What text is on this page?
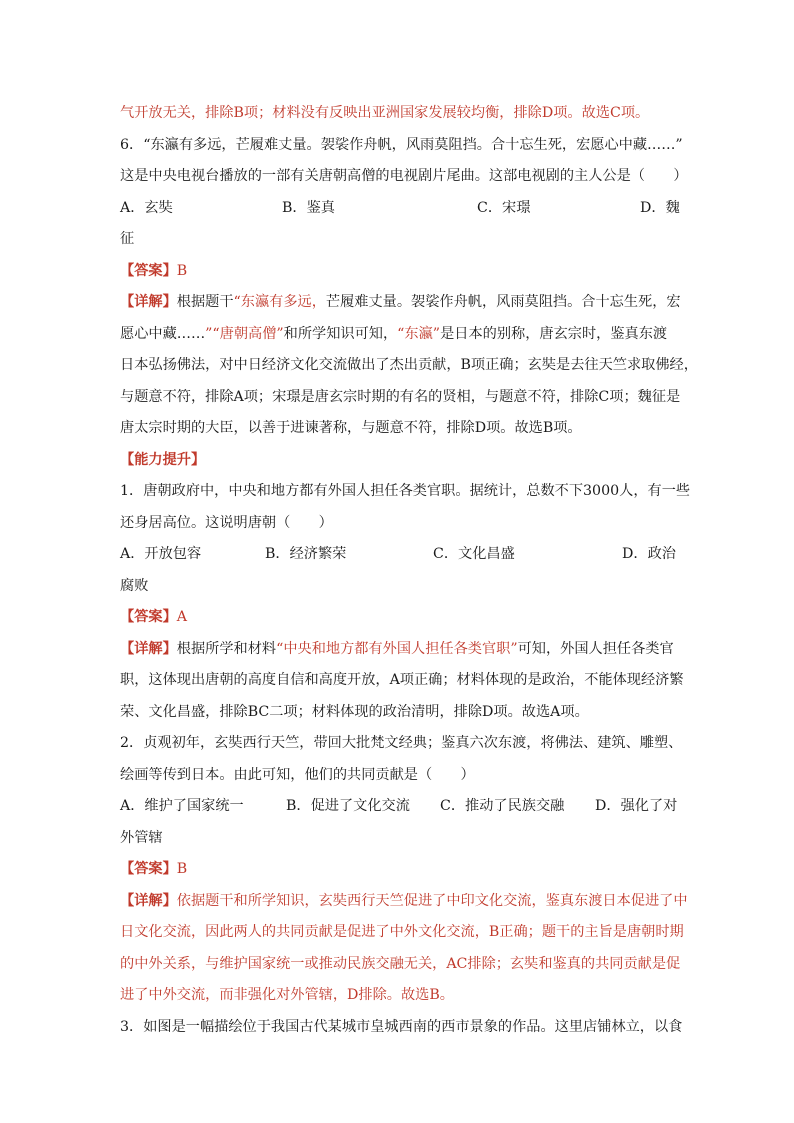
气开放无关，排除B项；材料没有反映出亚洲国家发展较均衡，排除D项。故选C项。
6．“东瀛有多远，芒履难丈量。袈裟作舟帆，风雨莫阻挡。合十忘生死，宏愿心中藏……”
这是中央电视台播放的一部有关唐朝高僧的电视剧片尾曲。这部电视剧的主人公是（　　）
A．玄奘	B．鉴真	C．宋璟	D．魏
征
【答案】B
【详解】根据题干“东瀛有多远，芒履难丈量。袈裟作舟帆，风雨莫阻挡。合十忘生死，宏
愿心中藏……”“唐朝高僧”和所学知识可知，“东瀛”是日本的别称，唐玄宗时，鉴真东渡
日本弘扬佛法，对中日经济文化交流做出了杰出贡献，B项正确；玄奘是去往天竺求取佛经，
与题意不符，排除A项；宋璟是唐玄宗时期的有名的贤相，与题意不符，排除C项；魏征是
唐太宗时期的大臣，以善于进谏著称，与题意不符，排除D项。故选B项。
【能力提升】
1．唐朝政府中，中央和地方都有外国人担任各类官职。据统计，总数不下3000人，有一些
还身居高位。这说明唐朝（　　）
A．开放包容	B．经济繁荣	C．文化昌盛	D．政治
腐败
【答案】A
【详解】根据所学和材料“中央和地方都有外国人担任各类官职”可知，外国人担任各类官
职，这体现出唐朝的高度自信和高度开放，A项正确；材料体现的是政治，不能体现经济繁
荣、文化昌盛，排除BC二项；材料体现的政治清明，排除D项。故选A项。
2．贞观初年，玄奘西行天竺，带回大批梵文经典；鉴真六次东渡，将佛法、建筑、雕塑、
绘画等传到日本。由此可知，他们的共同贡献是（　　）
A．维护了国家统一	B．促进了文化交流 C．推动了民族交融 D．强化了对
外管辖
【答案】B
【详解】依据题干和所学知识，玄奘西行天竺促进了中印文化交流，鉴真东渡日本促进了中
日文化交流，因此两人的共同贡献是促进了中外文化交流，B正确；题干的主旨是唐朝时期
的中外关系，与维护国家统一或推动民族交融无关，AC排除；玄奘和鉴真的共同贡献是促
进了中外交流，而非强化对外管辖，D排除。故选B。
3．如图是一幅描绘位于我国古代某城市皇城西南的西市景象的作品。这里店铺林立，以食
